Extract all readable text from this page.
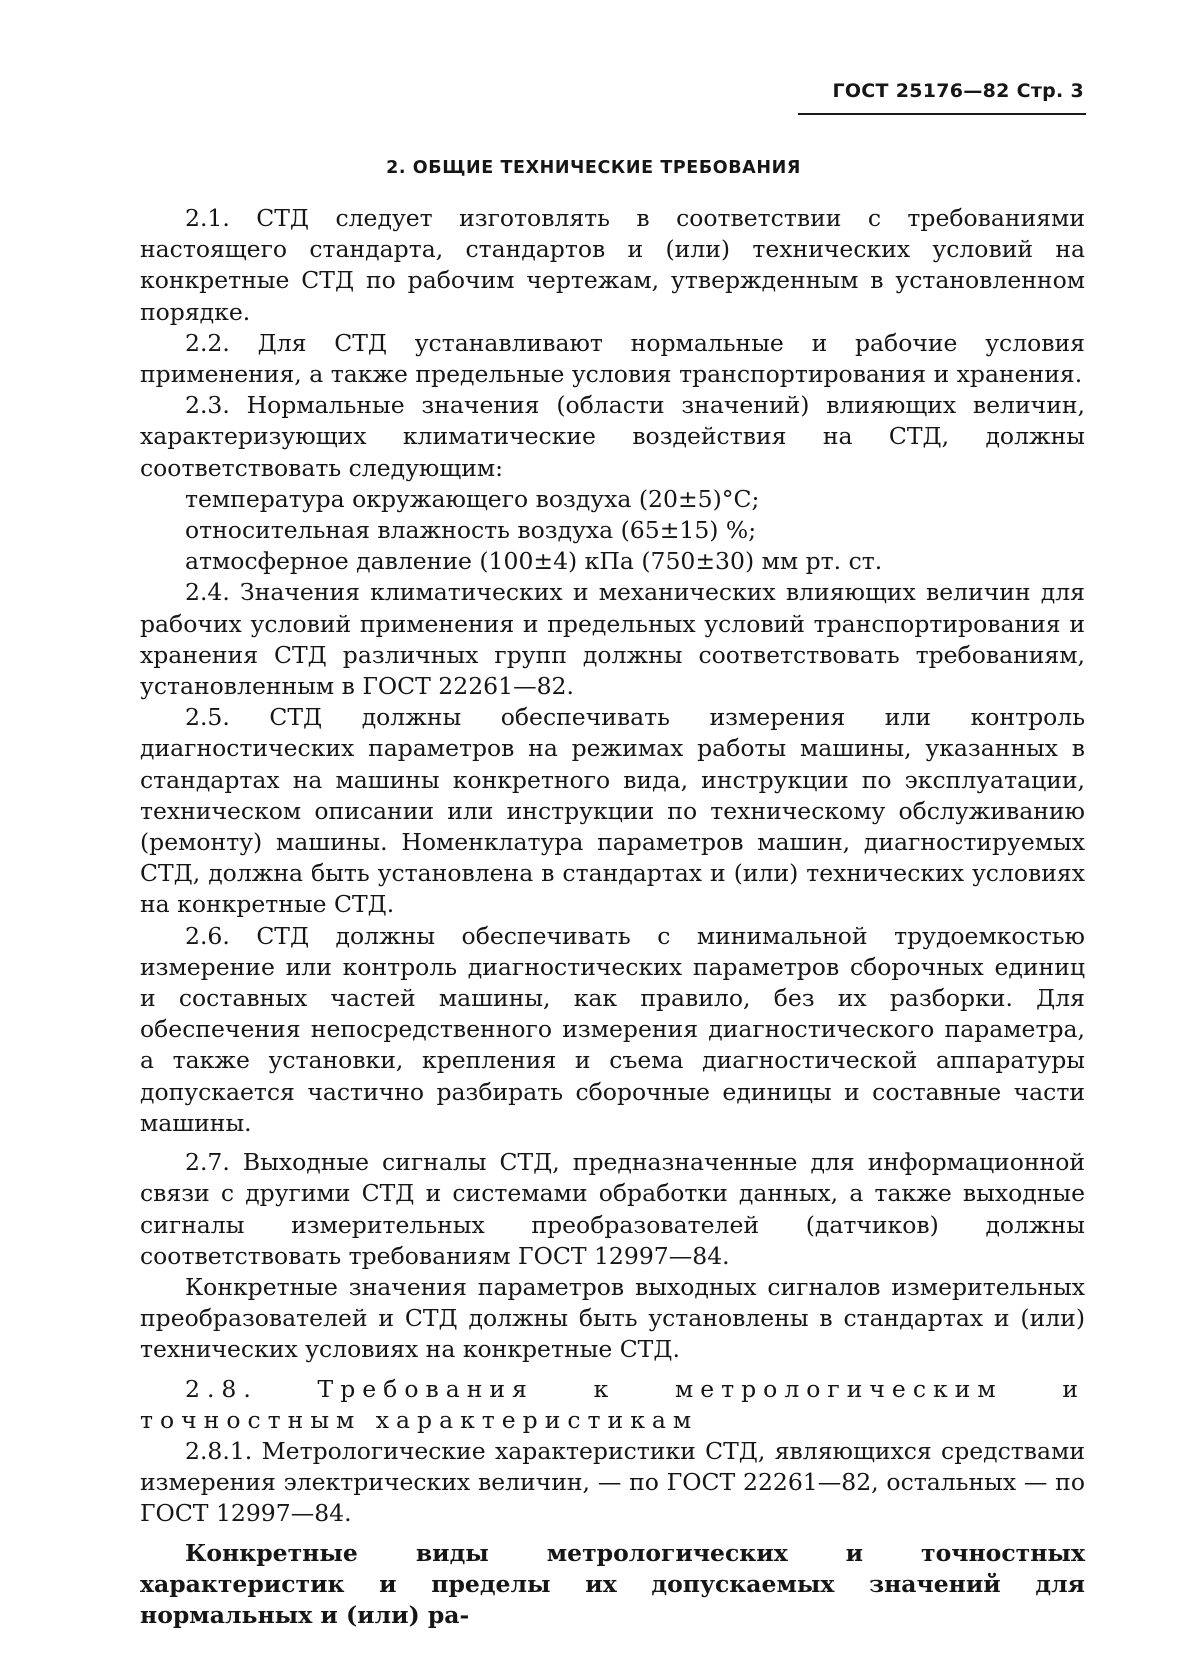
ГОСТ 25176—82 Стр. 3
2. ОБЩИЕ ТЕХНИЧЕСКИЕ ТРЕБОВАНИЯ

2.1. СТД следует изготовлять в соответствии с требованиями настоящего стандарта, стандартов и (или) технических условий на конкретные СТД по рабочим чертежам, утвержденным в установленном порядке.

2.2. Для СТД устанавливают нормальные и рабочие условия применения, а также предельные условия транспортирования и хранения.

2.3. Нормальные значения (области значений) влияющих величин, характеризующих климатические воздействия на СТД, должны соответствовать следующим:

температура окружающего воздуха (20±5)°С;

относительная влажность воздуха (65±15) %;

атмосферное давление (100±4) кПа (750±30) мм рт. ст.

2.4. Значения климатических и механических влияющих величин для рабочих условий применения и предельных условий транспортирования и хранения СТД различных групп должны соответствовать требованиям, установленным в ГОСТ 22261—82.

2.5. СТД должны обеспечивать измерения или контроль диагностических параметров на режимах работы машины, указанных в стандартах на машины конкретного вида, инструкции по эксплуатации, техническом описании или инструкции по техническому обслуживанию (ремонту) машины. Номенклатура параметров машин, диагностируемых СТД, должна быть установлена в стандартах и (или) технических условиях на конкретные СТД.

2.6. СТД должны обеспечивать с минимальной трудоемкостью измерение или контроль диагностических параметров сборочных единиц и составных частей машины, как правило, без их разборки. Для обеспечения непосредственного измерения диагностического параметра, а также установки, крепления и съема диагностической аппаратуры допускается частично разбирать сборочные единицы и составные части машины.

2.7. Выходные сигналы СТД, предназначенные для информационной связи с другими СТД и системами обработки данных, а также выходные сигналы измерительных преобразователей (датчиков) должны соответствовать требованиям ГОСТ 12997—84.

Конкретные значения параметров выходных сигналов измерительных преобразователей и СТД должны быть установлены в стандартах и (или) технических условиях на конкретные СТД.

2.8. Требования к метрологическим и точностным характеристикам

2.8.1. Метрологические характеристики СТД, являющихся средствами измерения электрических величин, — по ГОСТ 22261—82, остальных — по ГОСТ 12997—84.

Конкретные виды метрологических и точностных характеристик и пределы их допускаемых значений для нормальных и (или) ра-
